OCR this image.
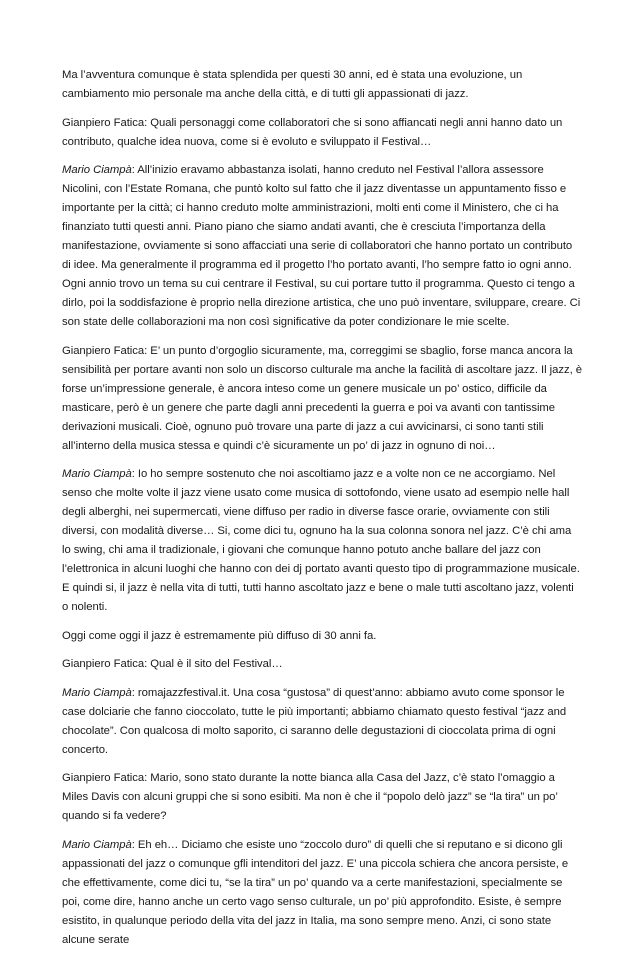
Ma l’avventura comunque è stata splendida per questi 30 anni, ed è stata una evoluzione, un cambiamento mio personale ma anche della città, e di tutti gli appassionati di jazz.

Gianpiero Fatica: Quali personaggi come collaboratori che si sono affiancati negli anni hanno dato un contributo, qualche idea nuova, come si è evoluto e sviluppato il Festival…

Mario Ciampà: All’inizio eravamo abbastanza isolati, hanno creduto nel Festival l’allora assessore Nicolini, con l’Estate Romana, che puntò kolto sul fatto che il jazz diventasse un appuntamento fisso e importante per la città; ci hanno creduto molte amministrazioni, molti enti come il Ministero, che ci ha finanziato tutti questi anni. Piano piano che siamo andati avanti, che è cresciuta l’importanza della manifestazione, ovviamente si sono affacciati una serie di collaboratori che hanno portato un contributo di idee. Ma generalmente il programma ed il progetto l’ho portato avanti, l’ho sempre fatto io ogni anno. Ogni annio trovo un tema su cui centrare il Festival, su cui portare tutto il programma. Questo ci tengo a dirlo, poi la soddisfazione è proprio nella direzione artistica, che uno può inventare, sviluppare, creare. Ci son state delle collaborazioni ma non così significative da poter condizionare le mie scelte.

Gianpiero Fatica: E’ un punto d’orgoglio sicuramente, ma, correggimi se sbaglio, forse manca ancora la sensibilità per portare avanti non solo un discorso culturale ma anche la facilità di ascoltare jazz. Il jazz, è forse un’impressione generale, è ancora inteso come un genere musicale un po’ ostico, difficile da masticare, però è un genere che parte dagli anni precedenti la guerra e poi va avanti con tantissime derivazioni musicali. Cioè, ognuno può trovare una parte di jazz a cui avvicinarsi, ci sono tanti stili all’interno della musica stessa e quindi c’è sicuramente un po’ di jazz in ognuno di noi…

Mario Ciampà: Io ho sempre sostenuto che noi ascoltiamo jazz e a volte non ce ne accorgiamo. Nel senso che molte volte il jazz viene usato come musica di sottofondo, viene usato ad esempio nelle hall degli alberghi, nei supermercati, viene diffuso per radio in diverse fasce orarie, ovviamente con stili diversi, con modalità diverse… Si, come dici tu, ognuno ha la sua colonna sonora nel jazz. C’è chi ama lo swing, chi ama il tradizionale, i giovani che comunque hanno potuto anche ballare del jazz con l’elettronica in alcuni luoghi che hanno con dei dj portato avanti questo tipo di programmazione musicale. E quindi si, il jazz è nella vita di tutti, tutti hanno ascoltato jazz e bene o male tutti ascoltano jazz, volenti o nolenti.

Oggi come oggi il jazz è estremamente più diffuso di 30 anni fa.

Gianpiero Fatica: Qual è il sito del Festival…

Mario Ciampà: romajazzfestival.it. Una cosa “gustosa” di quest’anno: abbiamo avuto come sponsor le case dolciarie che fanno cioccolato, tutte le più importanti; abbiamo chiamato questo festival “jazz and chocolate”. Con qualcosa di molto saporito, ci saranno delle degustazioni di cioccolata prima di ogni concerto.

Gianpiero Fatica: Mario, sono stato durante la notte bianca alla Casa del Jazz, c’è stato l’omaggio a Miles Davis con alcuni gruppi che si sono esibiti. Ma non è che il “popolo delò jazz” se “la tira” un po’ quando si fa vedere?

Mario Ciampà: Eh eh… Diciamo che esiste uno “zoccolo duro” di quelli che si reputano e si dicono gli appassionati del jazz o comunque gfli intenditori del jazz. E’ una piccola schiera che ancora persiste, e che effettivamente, come dici tu, “se la tira” un po’ quando va a certe manifestazioni, specialmente se poi, come dire, hanno anche un certo vago senso culturale, un po’ più approfondito. Esiste, è sempre esistito, in qualunque periodo della vita del jazz in Italia, ma sono sempre meno. Anzi, ci sono state alcune serate
